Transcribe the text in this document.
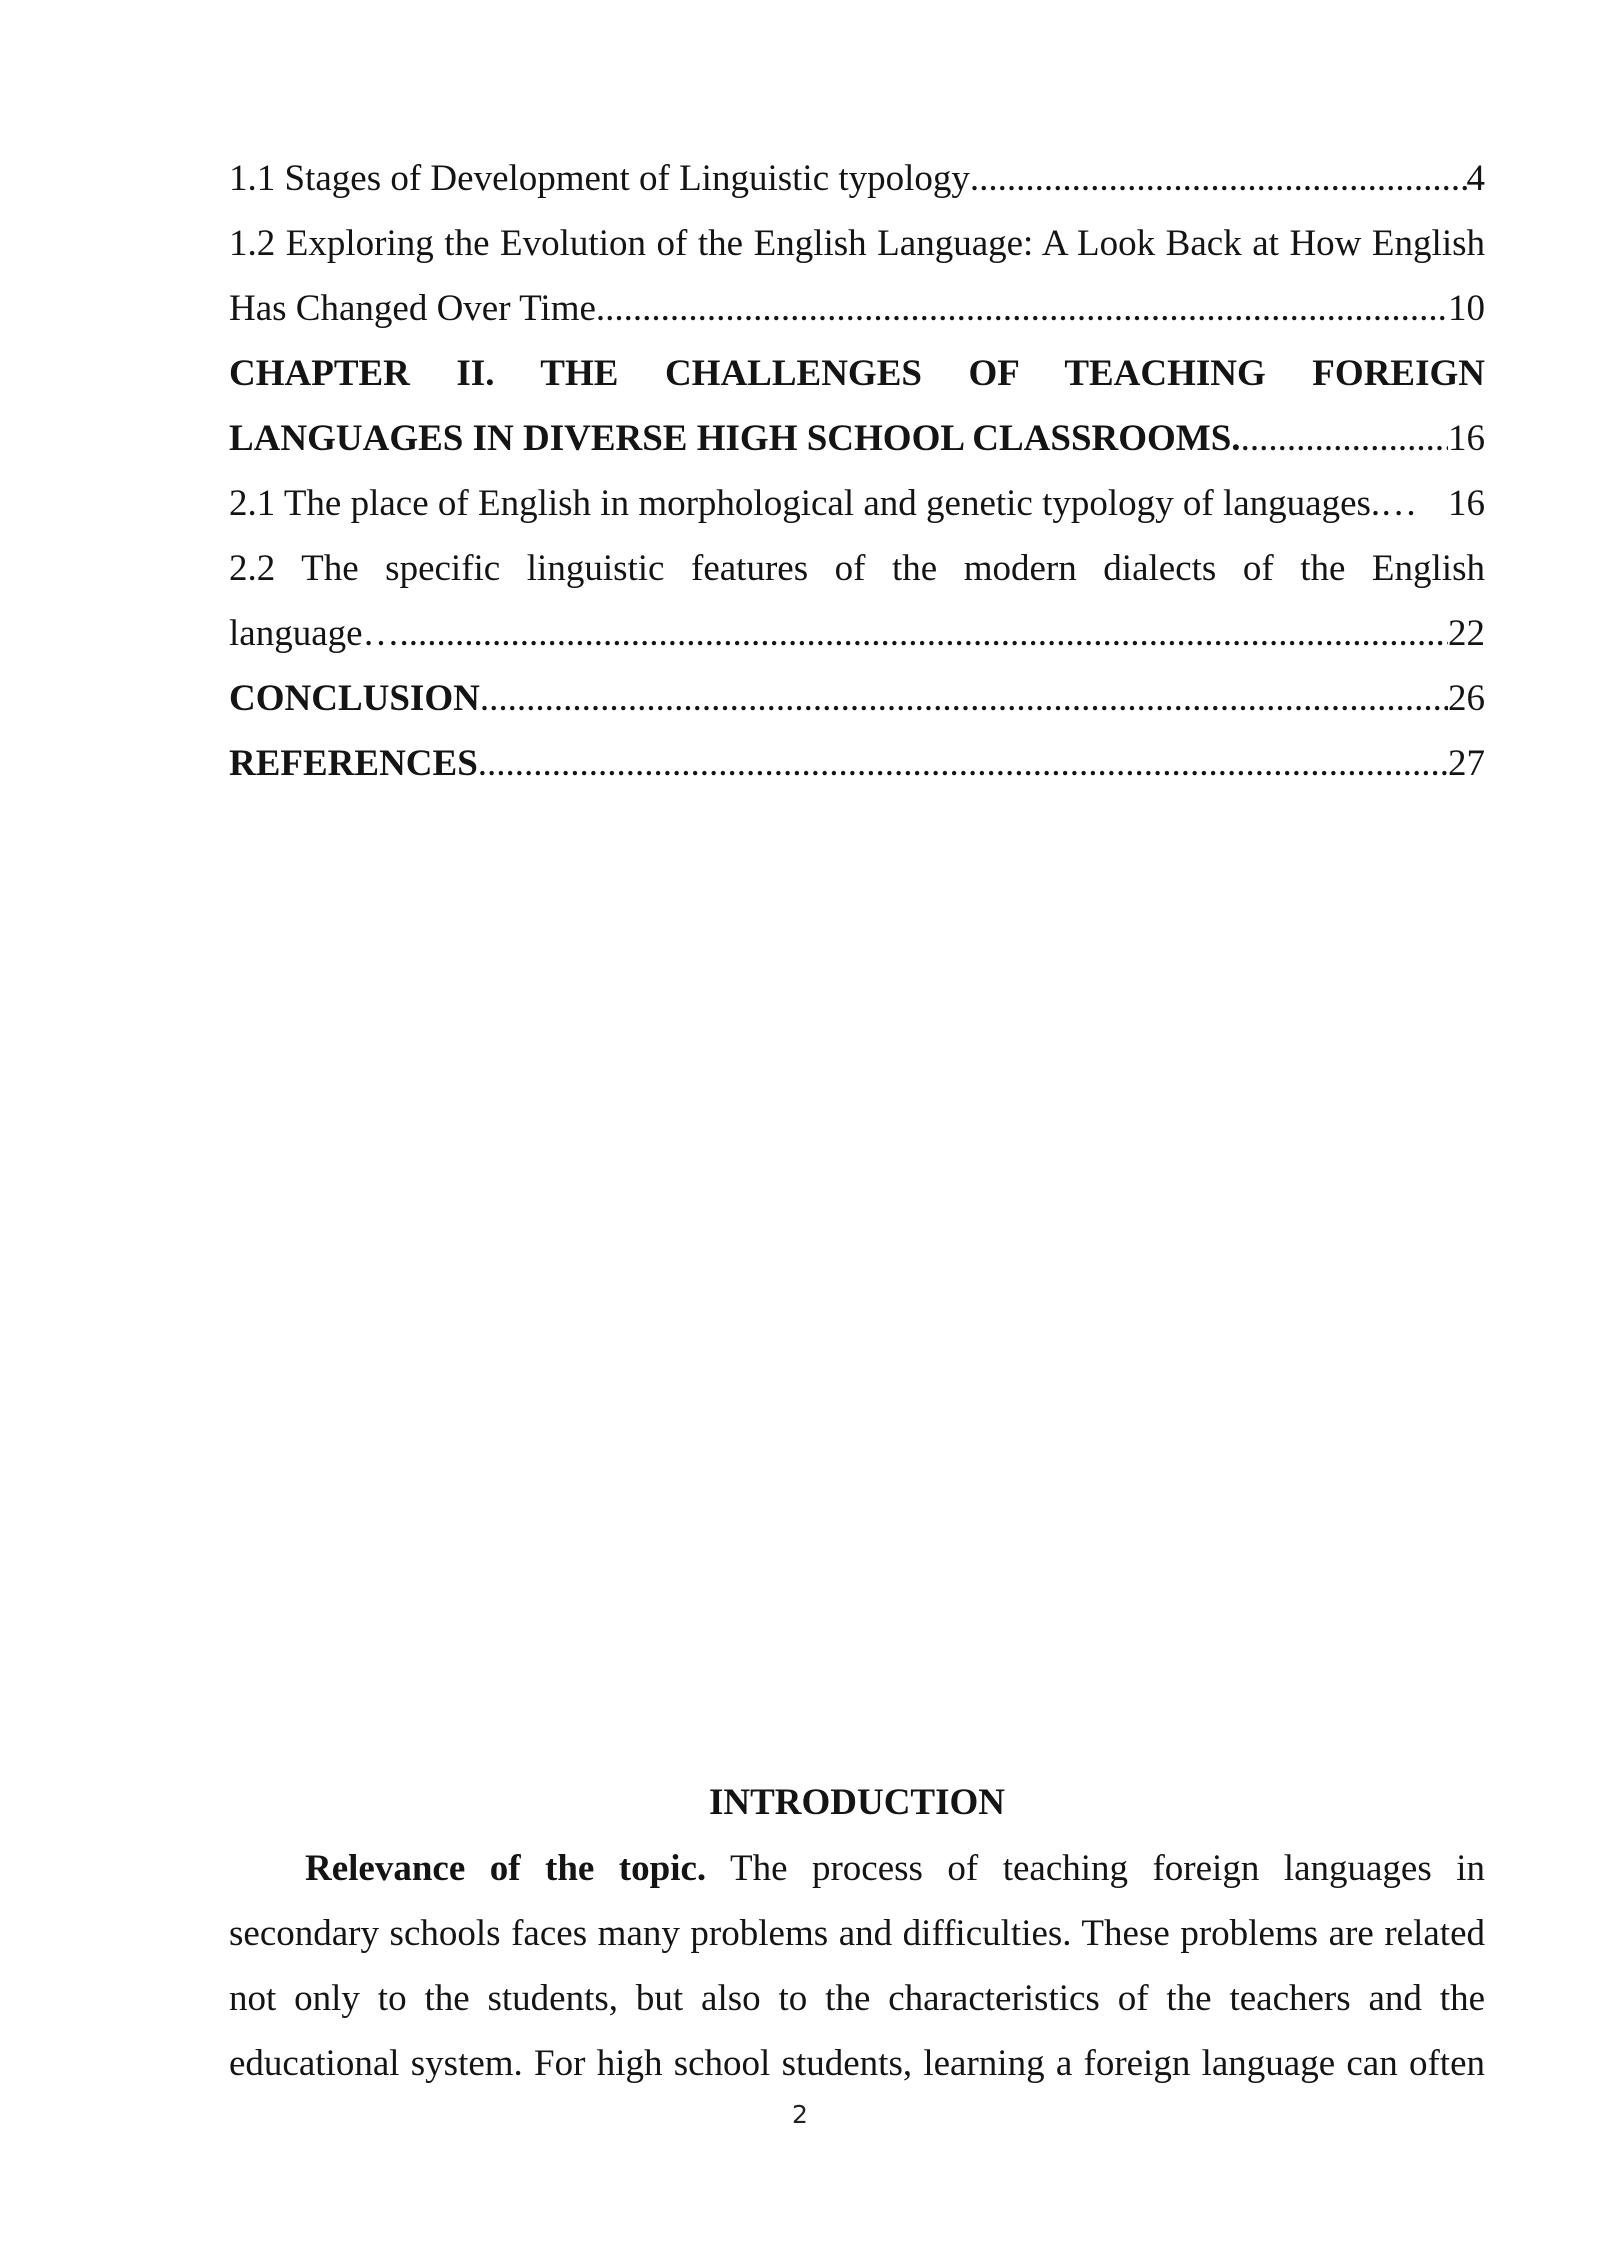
1.1 Stages of Development of Linguistic typology .....	4
1.2 Exploring the Evolution of the English Language: A Look Back at How English
Has Changed Over Time .....	10
CHAPTER II. THE CHALLENGES OF TEACHING FOREIGN
LANGUAGES IN DIVERSE HIGH SCHOOL CLASSROOMS. .....	16
2.1 The place of English in morphological and genetic typology of languages.… 16
2.2 The specific linguistic features of the modern dialects of the English
language… .....	22
CONCLUSION .....	26
REFERENCES .....	27
INTRODUCTION
Relevance of the topic. The process of teaching foreign languages in
secondary schools faces many problems and difficulties. These problems are related
not only to the students, but also to the characteristics of the teachers and the
educational system. For high school students, learning a foreign language can often
2
